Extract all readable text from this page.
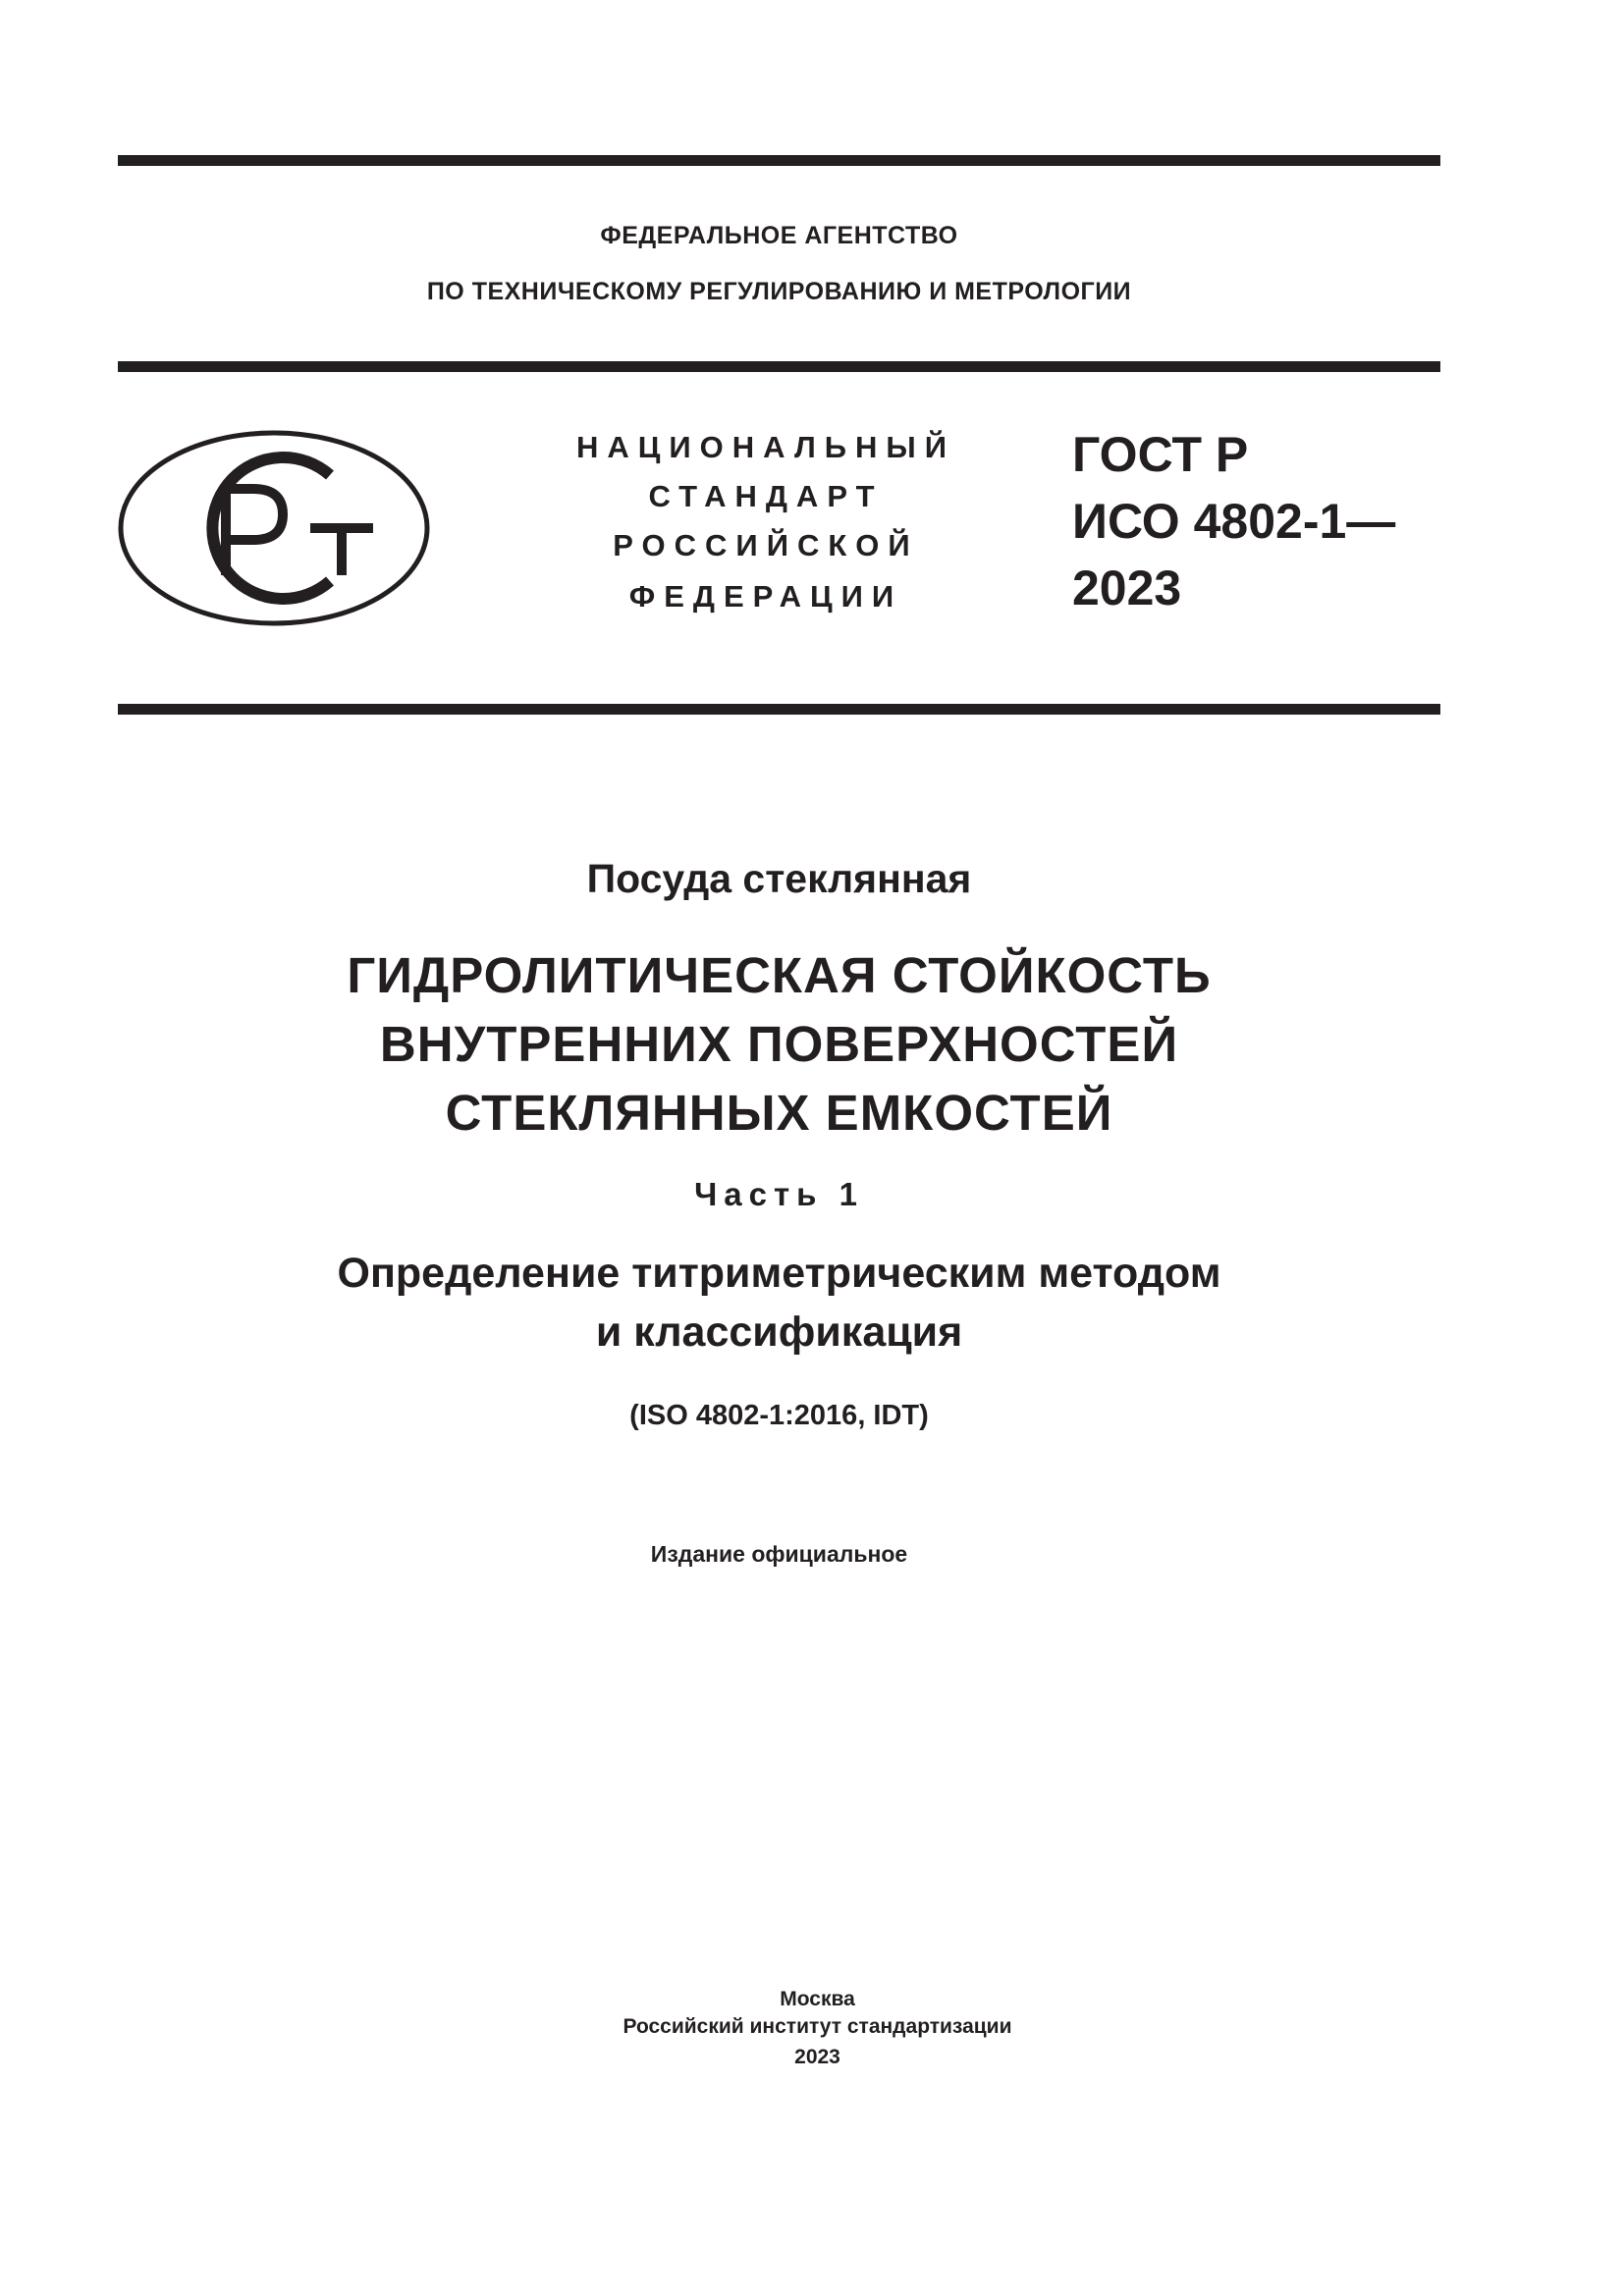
ФЕДЕРАЛЬНОЕ АГЕНТСТВО
ПО ТЕХНИЧЕСКОМУ РЕГУЛИРОВАНИЮ И МЕТРОЛОГИИ
РСТ
НАЦИОНАЛЬНЫЙ
СТАНДАРТ
РОССИЙСКОЙ
ФЕДЕРАЦИИ
ГОСТ Р
ИСО 4802-1—
2023
Посуда стеклянная
ГИДРОЛИТИЧЕСКАЯ СТОЙКОСТЬ
ВНУТРЕННИХ ПОВЕРХНОСТЕЙ
СТЕКЛЯННЫХ ЕМКОСТЕЙ
Часть 1
Определение титриметрическим методом
и классификация
(ISO 4802-1:2016, IDT)
Издание официальное
Москва
Российский институт стандартизации
2023
